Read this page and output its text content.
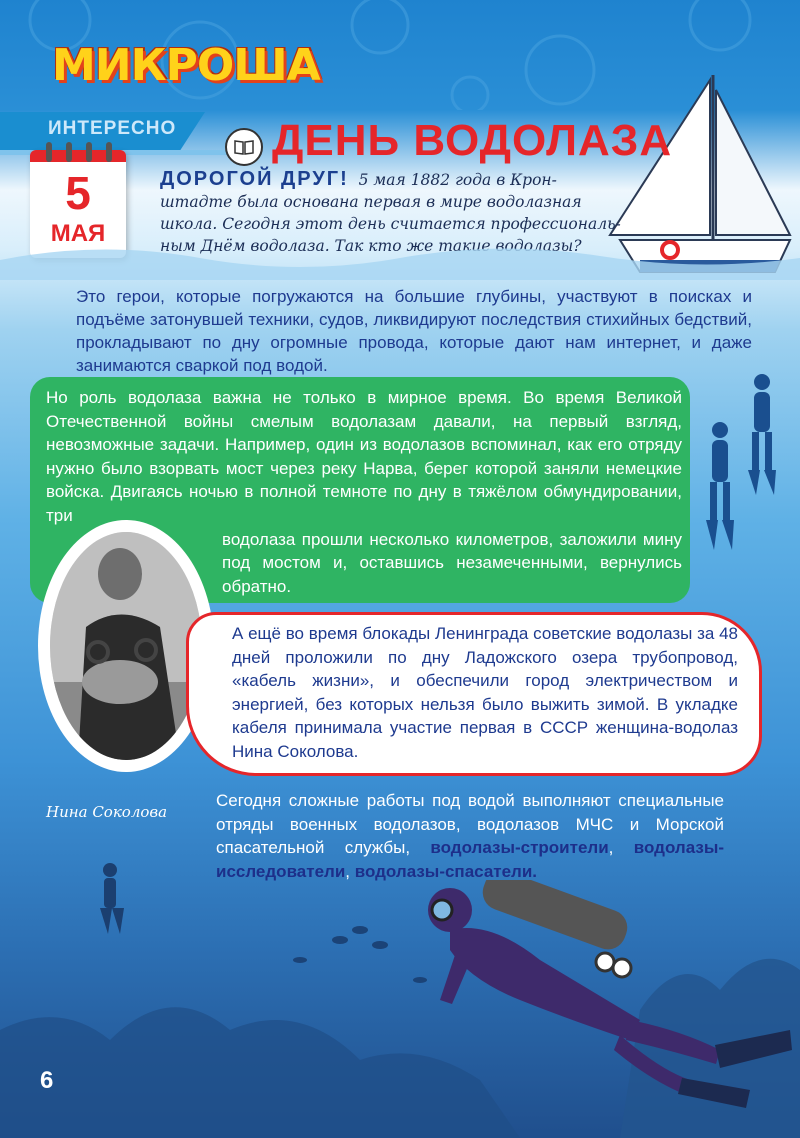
МИКРОША
ИНТЕРЕСНО ДЕНЬ ВОДОЛАЗА
5
МАЯ
ДОРОГОЙ ДРУГ! 5 мая 1882 года в Крон-
штадте была основана первая в мире водолазная
школа. Сегодня этот день считается профессиональ-
ным Днём водолаза. Так кто же такие водолазы?
Это герои, которые погружаются на большие глубины, участвуют в поисках и подъёме затонувшей техники, судов, ликвидируют последствия стихийных бедствий, прокладывают по дну огромные провода, которые дают нам интернет, и даже занимаются сваркой под водой.
Но роль водолаза важна не только в мирное время. Во время Великой Отечественной войны смелым водолазам давали, на первый взгляд, невозможные задачи. Например, один из водолазов вспоминал, как его отряду нужно было взорвать мост через реку Нарва, берег которой заняли немецкие войска. Двигаясь ночью в полной темноте по дну в тяжёлом обмундировании, три
водолаза прошли несколько километров, заложили мину под мостом и, оставшись незамеченными, вернулись обратно.
Нина Соколова
А ещё во время блокады Ленинграда советские водолазы за 48 дней проложили по дну Ладожского озера трубопровод, «кабель жизни», и обеспечили город электричеством и энергией, без которых нельзя было выжить зимой. В укладке кабеля принимала участие первая в СССР женщина-водолаз Нина Соколова.
Сегодня сложные работы под водой выполняют специальные отряды военных водолазов, водолазов МЧС и Морской спасательной службы, водолазы-строители, водолазы-исследователи, водолазы-спасатели.
6
